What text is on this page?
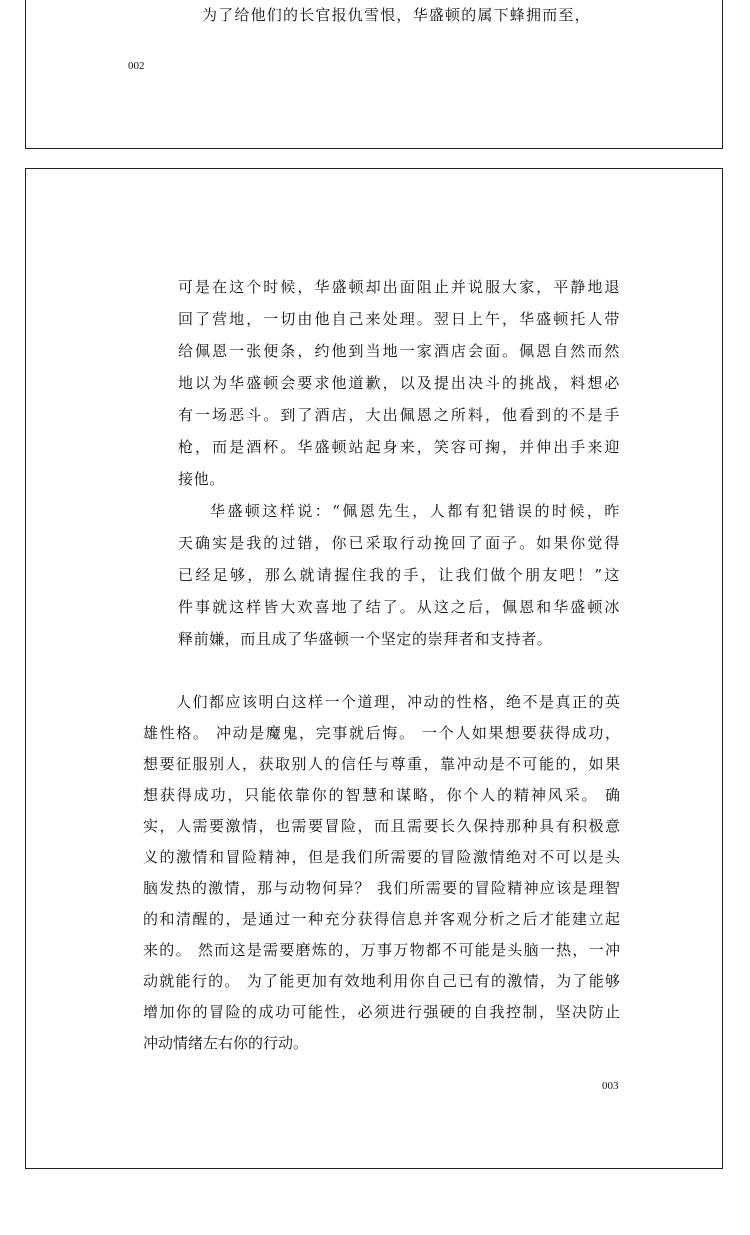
为了给他们的长官报仇雪恨，华盛顿的属下蜂拥而至，
002
可是在这个时候，华盛顿却出面阻止并说服大家，平静地退
回了营地，一切由他自己来处理。翌日上午，华盛顿托人带
给佩恩一张便条，约他到当地一家酒店会面。佩恩自然而然
地以为华盛顿会要求他道歉，以及提出决斗的挑战，料想必
有一场恶斗。到了酒店，大出佩恩之所料，他看到的不是手
枪，而是酒杯。华盛顿站起身来，笑容可掬，并伸出手来迎
接他。
华盛顿这样说：“佩恩先生，人都有犯错误的时候，昨
天确实是我的过错，你已采取行动挽回了面子。如果你觉得
已经足够，那么就请握住我的手，让我们做个朋友吧！”这
件事就这样皆大欢喜地了结了。从这之后，佩恩和华盛顿冰
释前嫌，而且成了华盛顿一个坚定的崇拜者和支持者。
人们都应该明白这样一个道理，冲动的性格，绝不是真正的英
雄性格。 冲动是魔鬼，完事就后悔。 一个人如果想要获得成功，
想要征服别人，获取别人的信任与尊重，靠冲动是不可能的，如果
想获得成功，只能依靠你的智慧和谋略，你个人的精神风采。 确
实，人需要激情，也需要冒险，而且需要长久保持那种具有积极意
义的激情和冒险精神，但是我们所需要的冒险激情绝对不可以是头
脑发热的激情，那与动物何异？ 我们所需要的冒险精神应该是理智
的和清醒的，是通过一种充分获得信息并客观分析之后才能建立起
来的。 然而这是需要磨炼的，万事万物都不可能是头脑一热，一冲
动就能行的。 为了能更加有效地利用你自己已有的激情，为了能够
增加你的冒险的成功可能性，必须进行强硬的自我控制，坚决防止
冲动情绪左右你的行动。
003
